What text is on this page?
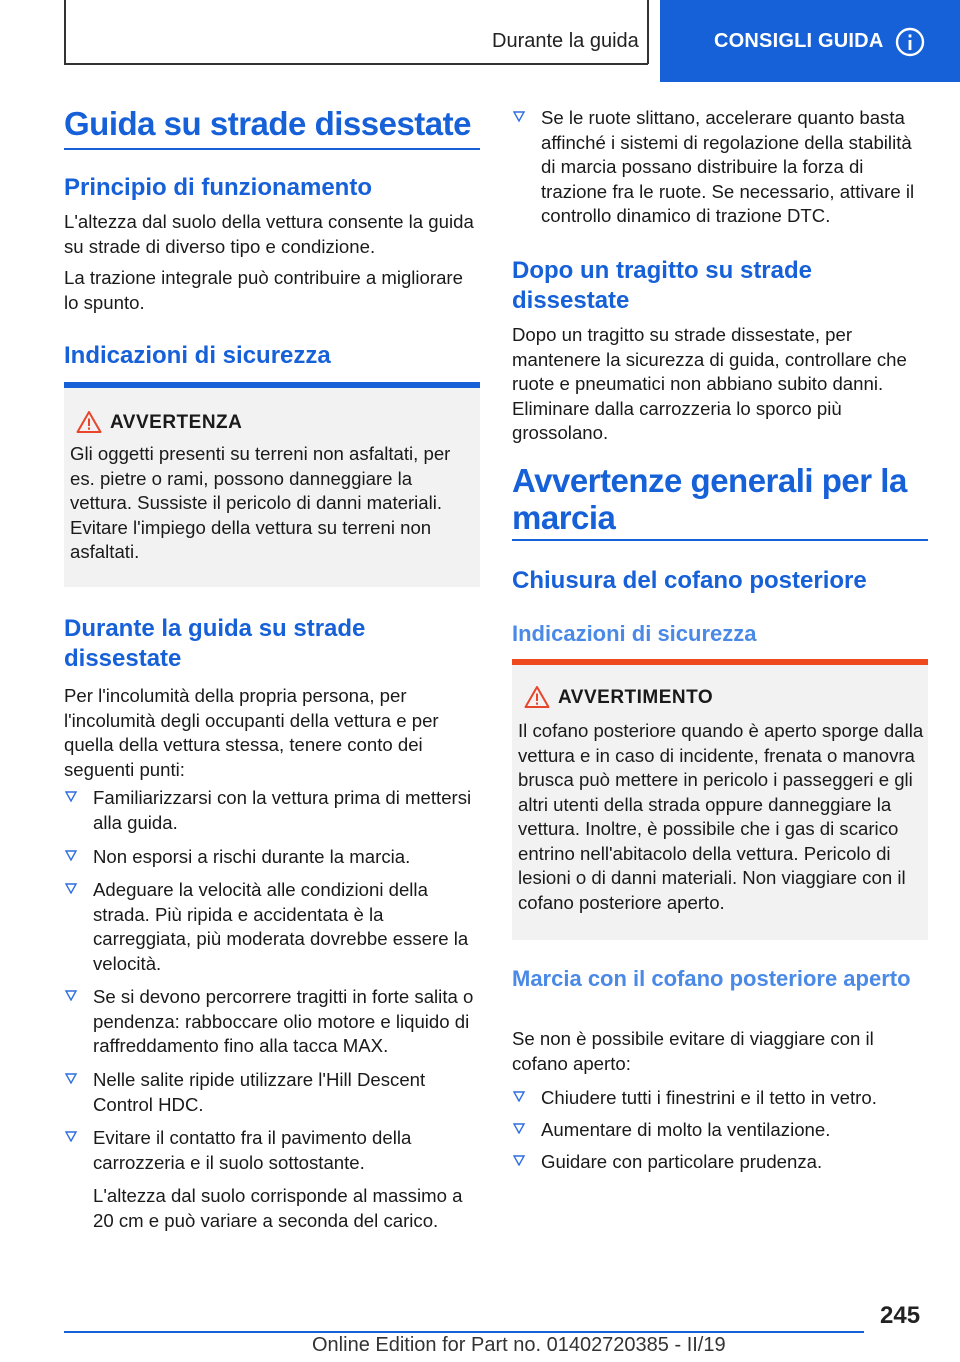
Durante la guida	CONSIGLI GUIDA
Guida su strade dissestate
Principio di funzionamento
L'altezza dal suolo della vettura consente la guida su strade di diverso tipo e condizione.
La trazione integrale può contribuire a migliorare lo spunto.
Indicazioni di sicurezza
AVVERTENZA
Gli oggetti presenti su terreni non asfaltati, per es. pietre o rami, possono danneggiare la vettura. Sussiste il pericolo di danni materiali. Evitare l'impiego della vettura su terreni non asfaltati.
Durante la guida su strade dissestate
Per l'incolumità della propria persona, per l'incolumità degli occupanti della vettura e per quella della vettura stessa, tenere conto dei seguenti punti:
Familiarizzarsi con la vettura prima di mettersi alla guida.
Non esporsi a rischi durante la marcia.
Adeguare la velocità alle condizioni della strada. Più ripida e accidentata è la carreggiata, più moderata dovrebbe essere la velocità.
Se si devono percorrere tragitti in forte salita o pendenza: rabboccare olio motore e liquido di raffreddamento fino alla tacca MAX.
Nelle salite ripide utilizzare l'Hill Descent Control HDC.
Evitare il contatto fra il pavimento della carrozzeria e il suolo sottostante.
L'altezza dal suolo corrisponde al massimo a 20 cm e può variare a seconda del carico.
Se le ruote slittano, accelerare quanto basta affinché i sistemi di regolazione della stabilità di marcia possano distribuire la forza di trazione fra le ruote. Se necessario, attivare il controllo dinamico di trazione DTC.
Dopo un tragitto su strade dissestate
Dopo un tragitto su strade dissestate, per mantenere la sicurezza di guida, controllare che ruote e pneumatici non abbiano subito danni. Eliminare dalla carrozzeria lo sporco più grossolano.
Avvertenze generali per la marcia
Chiusura del cofano posteriore
Indicazioni di sicurezza
AVVERTIMENTO
Il cofano posteriore quando è aperto sporge dalla vettura e in caso di incidente, frenata o manovra brusca può mettere in pericolo i passeggeri e gli altri utenti della strada oppure danneggiare la vettura. Inoltre, è possibile che i gas di scarico entrino nell'abitacolo della vettura. Pericolo di lesioni o di danni materiali. Non viaggiare con il cofano posteriore aperto.
Marcia con il cofano posteriore aperto
Se non è possibile evitare di viaggiare con il cofano aperto:
Chiudere tutti i finestrini e il tetto in vetro.
Aumentare di molto la ventilazione.
Guidare con particolare prudenza.
245
Online Edition for Part no. 01402720385 - II/19
